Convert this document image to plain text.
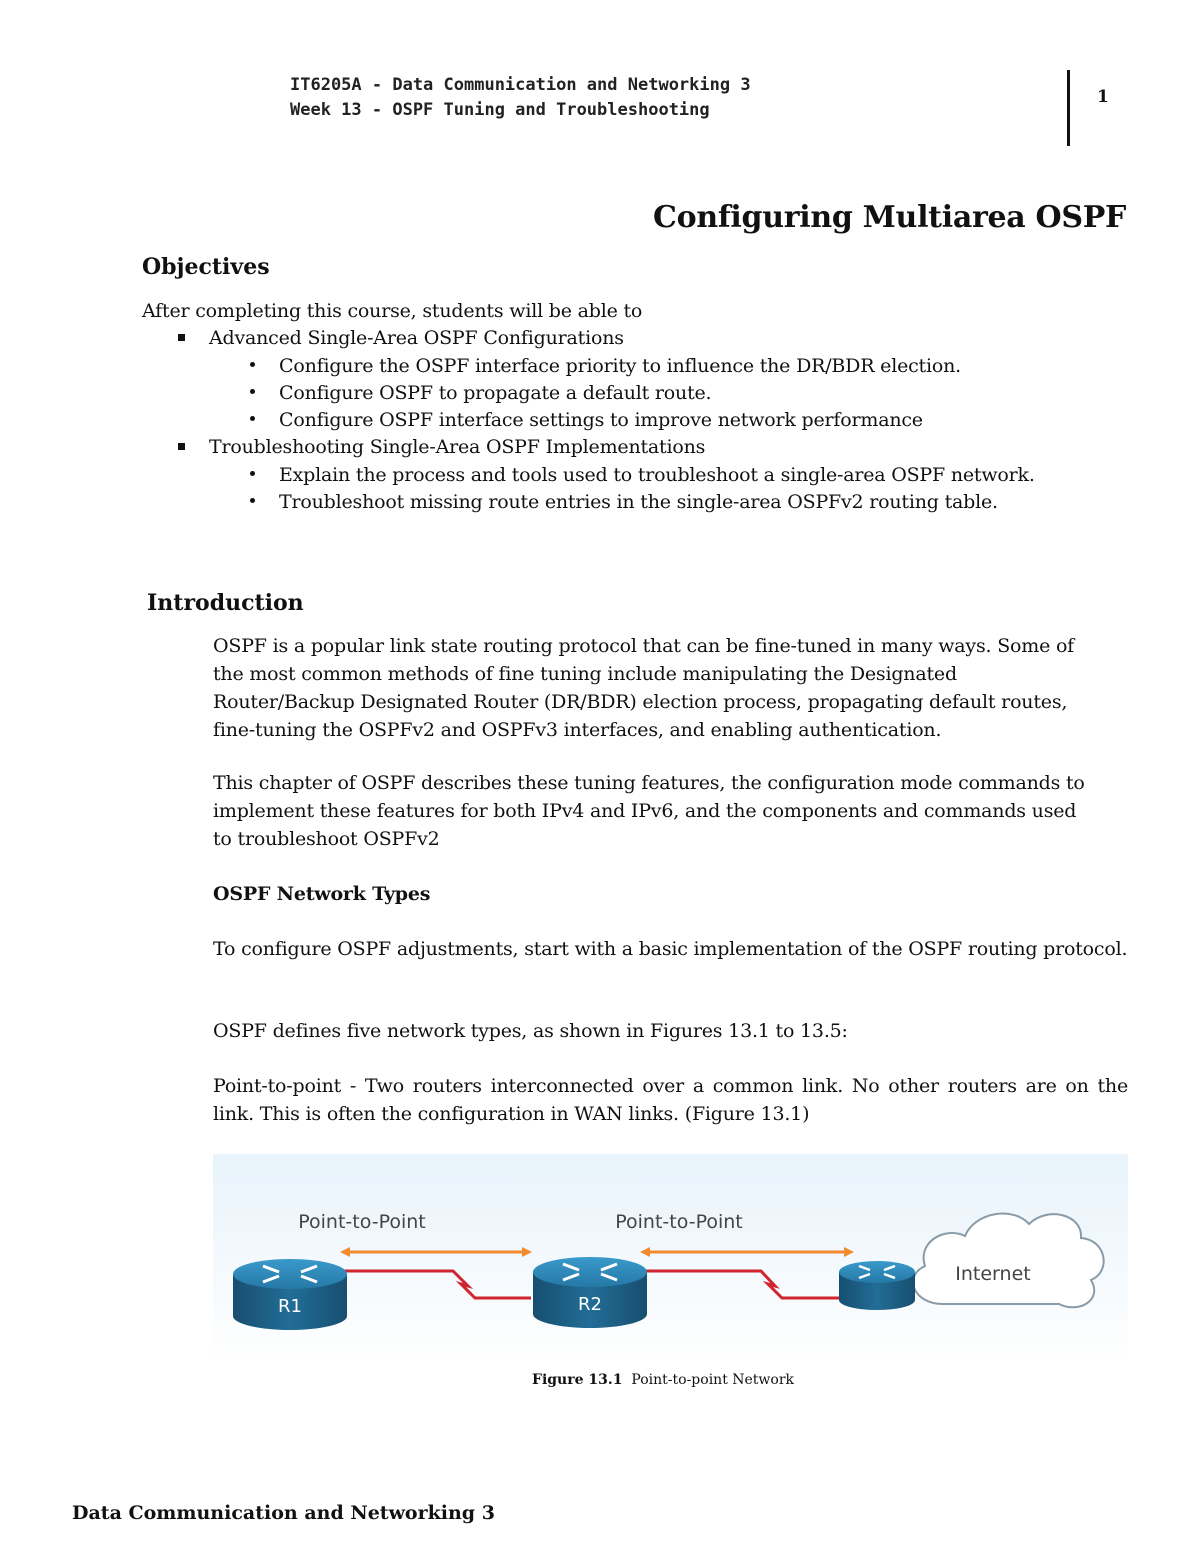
IT6205A - Data Communication and Networking 3
Week 13 - OSPF Tuning and Troubleshooting
1
Configuring Multiarea OSPF
Objectives
After completing this course, students will be able to
Advanced Single-Area OSPF Configurations
Configure the OSPF interface priority to influence the DR/BDR election.
Configure OSPF to propagate a default route.
Configure OSPF interface settings to improve network performance
Troubleshooting Single-Area OSPF Implementations
Explain the process and tools used to troubleshoot a single-area OSPF network.
Troubleshoot missing route entries in the single-area OSPFv2 routing table.
Introduction
OSPF is a popular link state routing protocol that can be fine-tuned in many ways. Some of
the most common methods of fine tuning include manipulating the Designated
Router/Backup Designated Router (DR/BDR) election process, propagating default routes,
fine-tuning the OSPFv2 and OSPFv3 interfaces, and enabling authentication.
This chapter of OSPF describes these tuning features, the configuration mode commands to
implement these features for both IPv4 and IPv6, and the components and commands used
to troubleshoot OSPFv2
OSPF Network Types
To configure OSPF adjustments, start with a basic implementation of the OSPF routing protocol.
OSPF defines five network types, as shown in Figures 13.1 to 13.5:
Point-to-point - Two routers interconnected over a common link. No other routers are on the link. This is often the configuration in WAN links. (Figure 13.1)
Point-to-Point	Point-to-Point
Internet
R1	R2
Figure 13.1 Point-to-point Network
Data Communication and Networking 3
